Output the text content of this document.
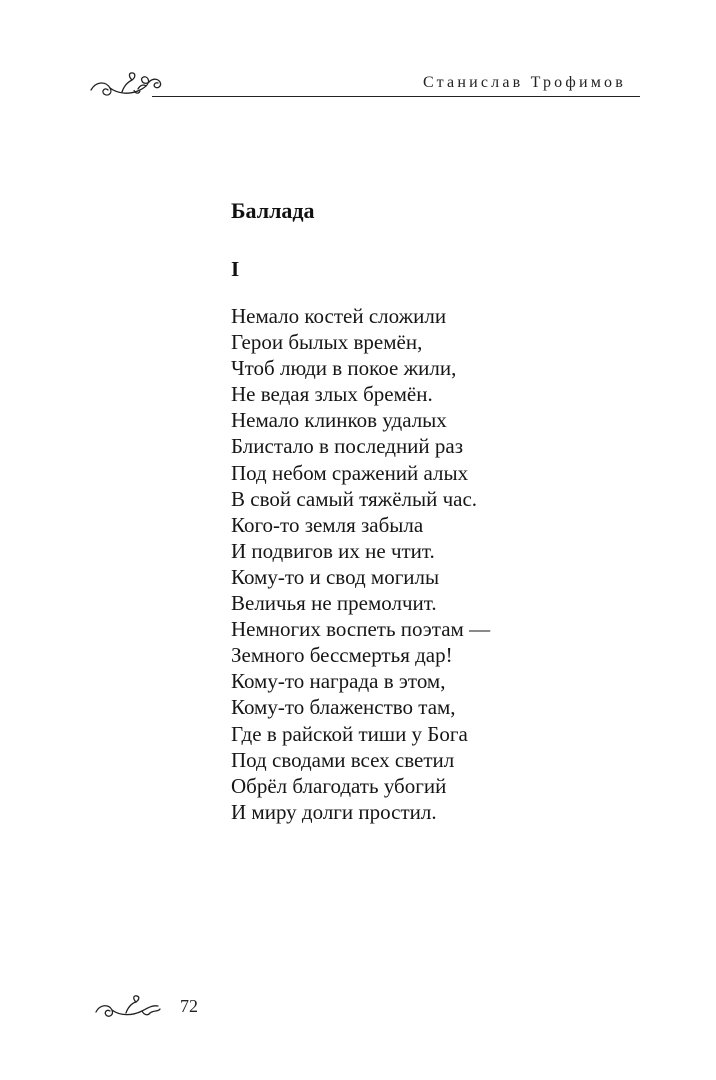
Станислав Трофимов
Баллада
I
Немало костей сложили
Герои былых времён,
Чтоб люди в покое жили,
Не ведая злых бремён.
Немало клинков удалых
Блистало в последний раз
Под небом сражений алых
В свой самый тяжёлый час.
Кого-то земля забыла
И подвигов их не чтит.
Кому-то и свод могилы
Величья не премолчит.
Немногих воспеть поэтам —
Земного бессмертья дар!
Кому-то награда в этом,
Кому-то блаженство там,
Где в райской тиши у Бога
Под сводами всех светил
Обрёл благодать убогий
И миру долги простил.
72
